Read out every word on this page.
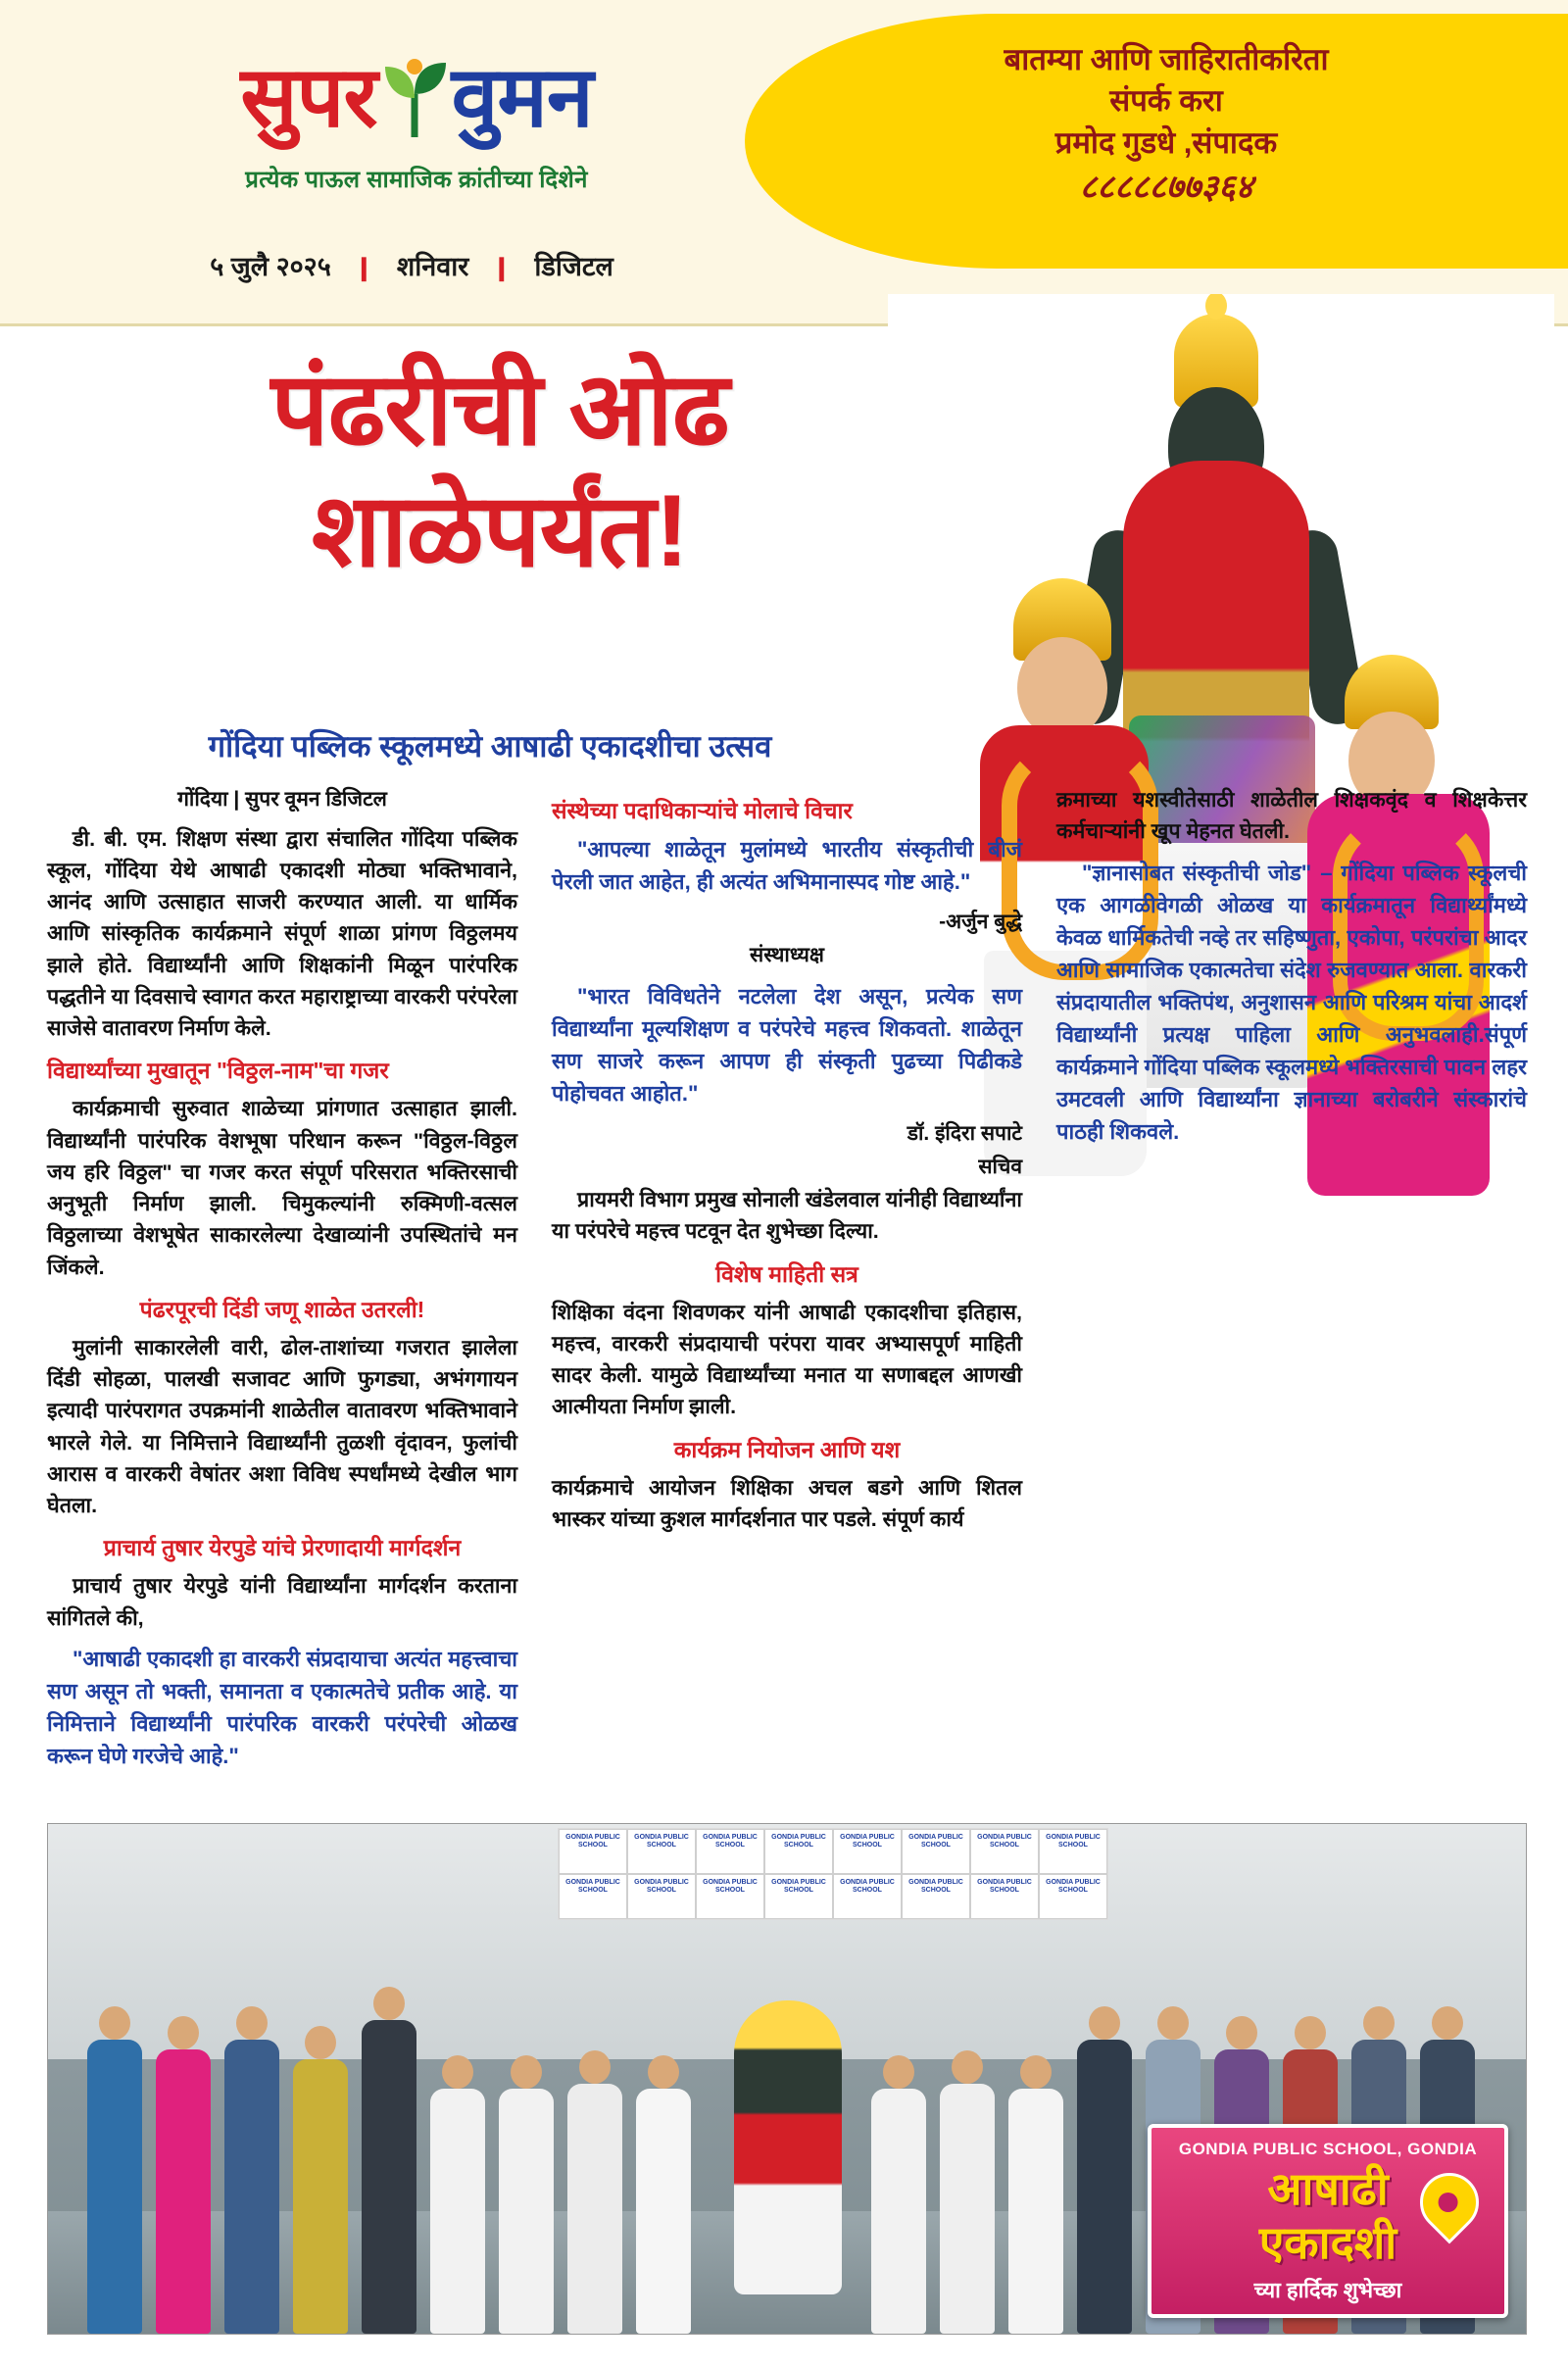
सुपर वुमन
प्रत्येक पाऊल सामाजिक क्रांतीच्या दिशेने
५ जुलै २०२५ ❙ शनिवार ❙ डिजिटल
बातम्या आणि जाहिरातीकरिता
संपर्क करा
प्रमोद गुडधे ,संपादक
८८८८८७७३६४
पंढरीची ओढ
शाळेपर्यंत!
गोंदिया पब्लिक स्कूलमध्ये आषाढी एकादशीचा उत्सव
गोंदिया | सुपर वूमन डिजिटल

डी. बी. एम. शिक्षण संस्था द्वारा संचालित गोंदिया पब्लिक स्कूल, गोंदिया येथे आषाढी एकादशी मोठ्या भक्तिभावाने, आनंद आणि उत्साहात साजरी करण्यात आली. या धार्मिक आणि सांस्कृतिक कार्यक्रमाने संपूर्ण शाळा प्रांगण विठ्ठलमय झाले होते. विद्यार्थ्यांनी आणि शिक्षकांनी मिळून पारंपरिक पद्धतीने या दिवसाचे स्वागत करत महाराष्ट्राच्या वारकरी परंपरेला साजेसे वातावरण निर्माण केले.

विद्यार्थ्यांच्या मुखातून "विठ्ठल-नाम"चा गजर

कार्यक्रमाची सुरुवात शाळेच्या प्रांगणात उत्साहात झाली. विद्यार्थ्यांनी पारंपरिक वेशभूषा परिधान करून "विठ्ठल-विठ्ठल जय हरि विठ्ठल" चा गजर करत संपूर्ण परिसरात भक्तिरसाची अनुभूती निर्माण झाली. चिमुकल्यांनी रुक्मिणी-वत्सल विठ्ठलाच्या वेशभूषेत साकारलेल्या देखाव्यांनी उपस्थितांचे मन जिंकले.

पंढरपूरची दिंडी जणू शाळेत उतरली!

मुलांनी साकारलेली वारी, ढोल-ताशांच्या गजरात झालेला दिंडी सोहळा, पालखी सजावट आणि फुगड्या, अभंगगायन इत्यादी पारंपरागत उपक्रमांनी शाळेतील वातावरण भक्तिभावाने भारले गेले. या निमित्ताने विद्यार्थ्यांनी तुळशी वृंदावन, फुलांची आरास व वारकरी वेषांतर अशा विविध स्पर्धांमध्ये देखील भाग घेतला.

प्राचार्य तुषार येरपुडे यांचे प्रेरणादायी मार्गदर्शन

प्राचार्य तुषार येरपुडे यांनी विद्यार्थ्यांना मार्गदर्शन करताना सांगितले की,

"आषाढी एकादशी हा वारकरी संप्रदायाचा अत्यंत महत्त्वाचा सण असून तो भक्ती, समानता व एकात्मतेचे प्रतीक आहे. या निमित्ताने विद्यार्थ्यांनी पारंपरिक वारकरी परंपरेची ओळख करून घेणे गरजेचे आहे."

संस्थेच्या पदाधिकाऱ्यांचे मोलाचे विचार

"आपल्या शाळेतून मुलांमध्ये भारतीय संस्कृतीची बीजं पेरली जात आहेत, ही अत्यंत अभिमानास्पद गोष्ट आहे."

-अर्जुन बुद्धे
संस्थाध्यक्ष

"भारत विविधतेने नटलेला देश असून, प्रत्येक सण विद्यार्थ्यांना मूल्यशिक्षण व परंपरेचे महत्त्व शिकवतो. शाळेतून सण साजरे करून आपण ही संस्कृती पुढच्या पिढीकडे पोहोचवत आहोत."

डॉ. इंदिरा सपाटे
सचिव

प्रायमरी विभाग प्रमुख सोनाली खंडेलवाल यांनीही विद्यार्थ्यांना या परंपरेचे महत्त्व पटवून देत शुभेच्छा दिल्या.

विशेष माहिती सत्र

शिक्षिका वंदना शिवणकर यांनी आषाढी एकादशीचा इतिहास, महत्त्व, वारकरी संप्रदायाची परंपरा यावर अभ्यासपूर्ण माहिती सादर केली. यामुळे विद्यार्थ्यांच्या मनात या सणाबद्दल आणखी आत्मीयता निर्माण झाली.

कार्यक्रम नियोजन आणि यश

कार्यक्रमाचे आयोजन शिक्षिका अचल बडगे आणि शितल भास्कर यांच्या कुशल मार्गदर्शनात पार पडले. संपूर्ण कार्य

क्रमाच्या यशस्वीतेसाठी शाळेतील शिक्षकवृंद व शिक्षकेत्तर कर्मचाऱ्यांनी खूप मेहनत घेतली.

"ज्ञानासोबत संस्कृतीची जोड" – गोंदिया पब्लिक स्कूलची एक आगळीवेगळी ओळख या कार्यक्रमातून विद्यार्थ्यांमध्ये केवळ धार्मिकतेची नव्हे तर सहिष्णुता, एकोपा, परंपरांचा आदर आणि सामाजिक एकात्मतेचा संदेश रुजवण्यात आला. वारकरी संप्रदायातील भक्तिपंथ, अनुशासन आणि परिश्रम यांचा आदर्श विद्यार्थ्यांनी प्रत्यक्ष पाहिला आणि अनुभवलाही.संपूर्ण कार्यक्रमाने गोंदिया पब्लिक स्कूलमध्ये भक्तिरसाची पावन लहर उमटवली आणि विद्यार्थ्यांना ज्ञानाच्या बरोबरीने संस्कारांचे पाठही शिकवले.

GONDIA PUBLIC SCHOOL
GONDIA PUBLIC SCHOOL
GONDIA PUBLIC SCHOOL
GONDIA PUBLIC SCHOOL
GONDIA PUBLIC SCHOOL
GONDIA PUBLIC SCHOOL
GONDIA PUBLIC SCHOOL
GONDIA PUBLIC SCHOOL
GONDIA PUBLIC SCHOOL
GONDIA PUBLIC SCHOOL
GONDIA PUBLIC SCHOOL
GONDIA PUBLIC SCHOOL
GONDIA PUBLIC SCHOOL
GONDIA PUBLIC SCHOOL
GONDIA PUBLIC SCHOOL
GONDIA PUBLIC SCHOOL
GONDIA PUBLIC SCHOOL, GONDIA
आषाढी
एकादशी
च्या हार्दिक शुभेच्छा
